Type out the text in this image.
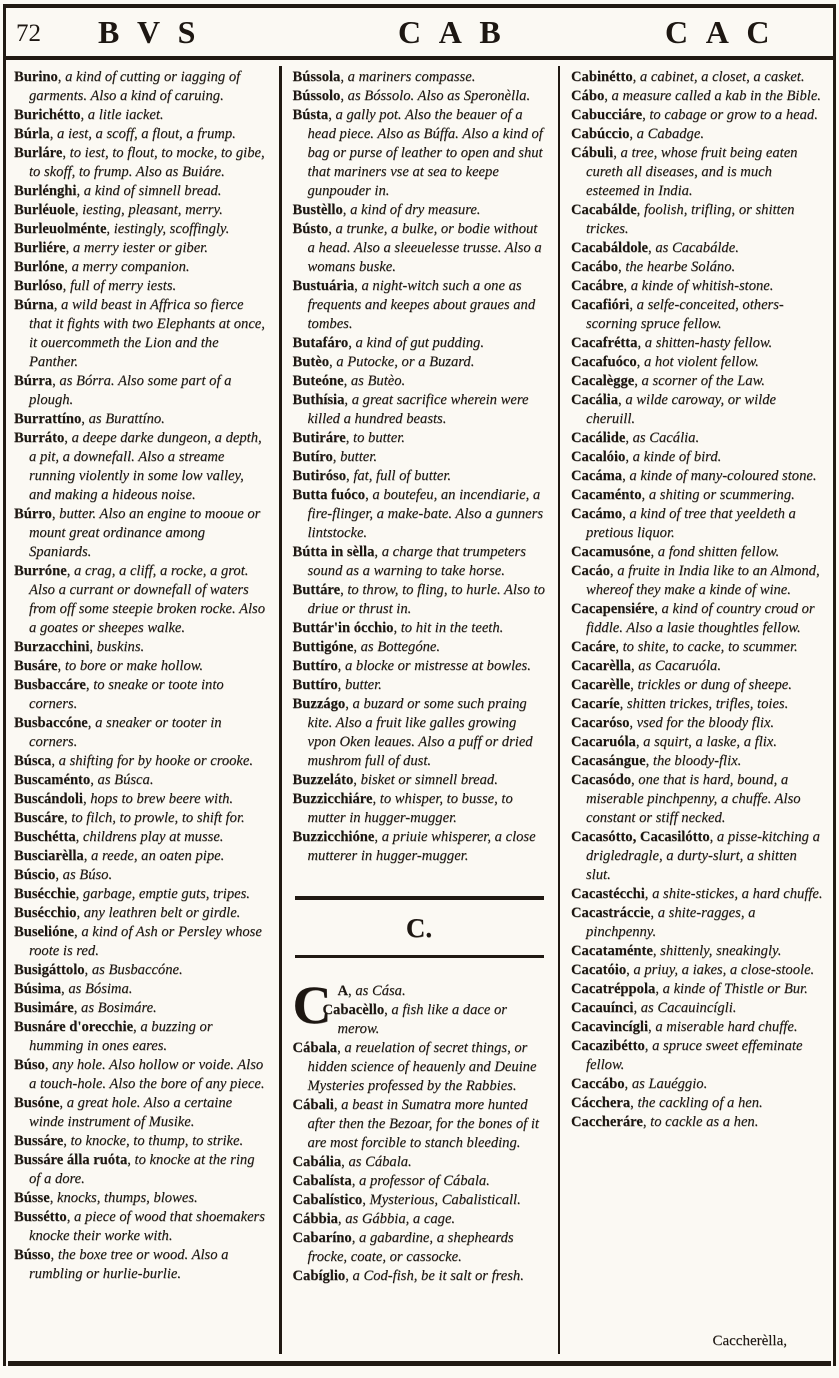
72 BVS	CAB	CAC

Burino, a kind of cutting or iagging of garments. Also a kind of caruing.

Burichétto, a litle iacket.

Búrla, a iest, a scoff, a flout, a frump.

Burláre, to iest, to flout, to mocke, to gibe, to skoff, to frump. Also as Buiáre.

Burlénghi, a kind of simnell bread.

Burléuole, iesting, pleasant, merry.

Burleuolménte, iestingly, scoffingly.

Burliére, a merry iester or giber.

Burlóne, a merry companion.

Burlóso, full of merry iests.

Búrna, a wild beast in Affrica so fierce that it fights with two Elephants at once, it ouercommeth the Lion and the Panther.

Búrra, as Bórra. Also some part of a plough.

Burrattíno, as Burattíno.

Burráto, a deepe darke dungeon, a depth, a pit, a downefall. Also a streame running violently in some low valley, and making a hideous noise.

Búrro, butter. Also an engine to mooue or mount great ordinance among Spaniards.

Burróne, a crag, a cliff, a rocke, a grot. Also a currant or downefall of waters from off some steepie broken rocke. Also a goates or sheepes walke.

Burzacchini, buskins.

Busáre, to bore or make hollow.

Busbaccáre, to sneake or toote into corners.

Busbaccóne, a sneaker or tooter in corners.

Búsca, a shifting for by hooke or crooke.

Buscaménto, as Búsca.

Buscándoli, hops to brew beere with.

Buscáre, to filch, to prowle, to shift for.

Buschétta, childrens play at musse.

Busciarèlla, a reede, an oaten pipe.

Búscio, as Búso.

Busécchie, garbage, emptie guts, tripes.

Busécchio, any leathren belt or girdle.

Buselióne, a kind of Ash or Persley whose roote is red.

Busigáttolo, as Busbaccóne.

Búsima, as Bósima.

Busimáre, as Bosimáre.

Busnáre d'orecchie, a buzzing or humming in ones eares.

Búso, any hole. Also hollow or voide. Also a touch-hole. Also the bore of any piece.

Busóne, a great hole. Also a certaine winde instrument of Musike.

Bussáre, to knocke, to thump, to strike.

Bussáre álla ruóta, to knocke at the ring of a dore.

Bússe, knocks, thumps, blowes.

Bussétto, a piece of wood that shoemakers knocke their worke with.

Bússo, the boxe tree or wood. Also a rumbling or hurlie-burlie.

Bússola, a mariners compasse.

Bússolo, as Bóssolo. Also as Speronèlla.

Bústa, a gally pot. Also the beauer of a head piece. Also as Búffa. Also a kind of bag or purse of leather to open and shut that mariners vse at sea to keepe gunpouder in.

Bustèllo, a kind of dry measure.

Bústo, a trunke, a bulke, or bodie without a head. Also a sleeuelesse trusse. Also a womans buske.

Bustuária, a night-witch such a one as frequents and keepes about graues and tombes.

Butafáro, a kind of gut pudding.

Butèo, a Putocke, or a Buzard.

Buteóne, as Butèo.

Buthísia, a great sacrifice wherein were killed a hundred beasts.

Butiráre, to butter.

Butíro, butter.

Butiróso, fat, full of butter.

Butta fuóco, a boutefeu, an incendiarie, a fire-flinger, a make-bate. Also a gunners lintstocke.

Bútta in sèlla, a charge that trumpeters sound as a warning to take horse.

Buttáre, to throw, to fling, to hurle. Also to driue or thrust in.

Buttár'in ócchio, to hit in the teeth.

Buttigóne, as Bottegóne.

Buttíro, a blocke or mistresse at bowles.

Buttíro, butter.

Buzzágo, a buzard or some such praing kite. Also a fruit like galles growing vpon Oken leaues. Also a puff or dried mushrom full of dust.

Buzzeláto, bisket or simnell bread.

Buzzicchiáre, to whisper, to busse, to mutter in hugger-mugger.

Buzzicchióne, a priuie whisperer, a close mutterer in hugger-mugger.

C.
C A, as Cása.

Cabacèllo, a fish like a dace or merow.

Cábala, a reuelation of secret things, or hidden science of heauenly and Deuine Mysteries professed by the Rabbies.

Cábali, a beast in Sumatra more hunted after then the Bezoar, for the bones of it are most forcible to stanch bleeding.

Cabália, as Cábala.

Cabalísta, a professor of Cábala.

Cabalístico, Mysterious, Cabalisticall.

Cábbia, as Gábbia, a cage.

Cabaríno, a gabardine, a shepheards frocke, coate, or cassocke.

Cabíglio, a Cod-fish, be it salt or fresh.

Cabinétto, a cabinet, a closet, a casket.

Cábo, a measure called a kab in the Bible.

Cabucciáre, to cabage or grow to a head.

Cabúccio, a Cabadge.

Cábuli, a tree, whose fruit being eaten cureth all diseases, and is much esteemed in India.

Cacabálde, foolish, trifling, or shitten trickes.

Cacabáldole, as Cacabálde.

Cacábo, the hearbe Soláno.

Cacábre, a kinde of whitish-stone.

Cacafióri, a selfe-conceited, others-scorning spruce fellow.

Cacafrétta, a shitten-hasty fellow.

Cacafuóco, a hot violent fellow.

Cacalègge, a scorner of the Law.

Cacália, a wilde caroway, or wilde cheruill.

Cacálide, as Cacália.

Cacalóio, a kinde of bird.

Cacáma, a kinde of many-coloured stone.

Cacaménto, a shiting or scummering.

Cacámo, a kind of tree that yeeldeth a pretious liquor.

Cacamusóne, a fond shitten fellow.

Cacáo, a fruite in India like to an Almond, whereof they make a kinde of wine.

Cacapensiére, a kind of country croud or fiddle. Also a lasie thoughtles fellow.

Cacáre, to shite, to cacke, to scummer.

Cacarèlla, as Cacaruóla.

Cacarèlle, trickles or dung of sheepe.

Cacaríe, shitten trickes, trifles, toies.

Cacaróso, vsed for the bloody flix.

Cacaruóla, a squirt, a laske, a flix.

Cacasángue, the bloody-flix.

Cacasódo, one that is hard, bound, a miserable pinchpenny, a chuffe. Also constant or stiff necked.

Cacasótto, Cacasilótto, a pisse-kitching a drigledragle, a durty-slurt, a shitten slut.

Cacastécchi, a shite-stickes, a hard chuffe.

Cacastráccie, a shite-ragges, a pinchpenny.

Cacataménte, shittenly, sneakingly.

Cacatóio, a priuy, a iakes, a close-stoole.

Cacatréppola, a kinde of Thistle or Bur.

Cacauínci, as Cacauincígli.

Cacavincígli, a miserable hard chuffe.

Cacazibétto, a spruce sweet effeminate fellow.

Caccábo, as Lauéggio.

Cácchera, the cackling of a hen.

Caccheráre, to cackle as a hen.

Caccherèlla,
